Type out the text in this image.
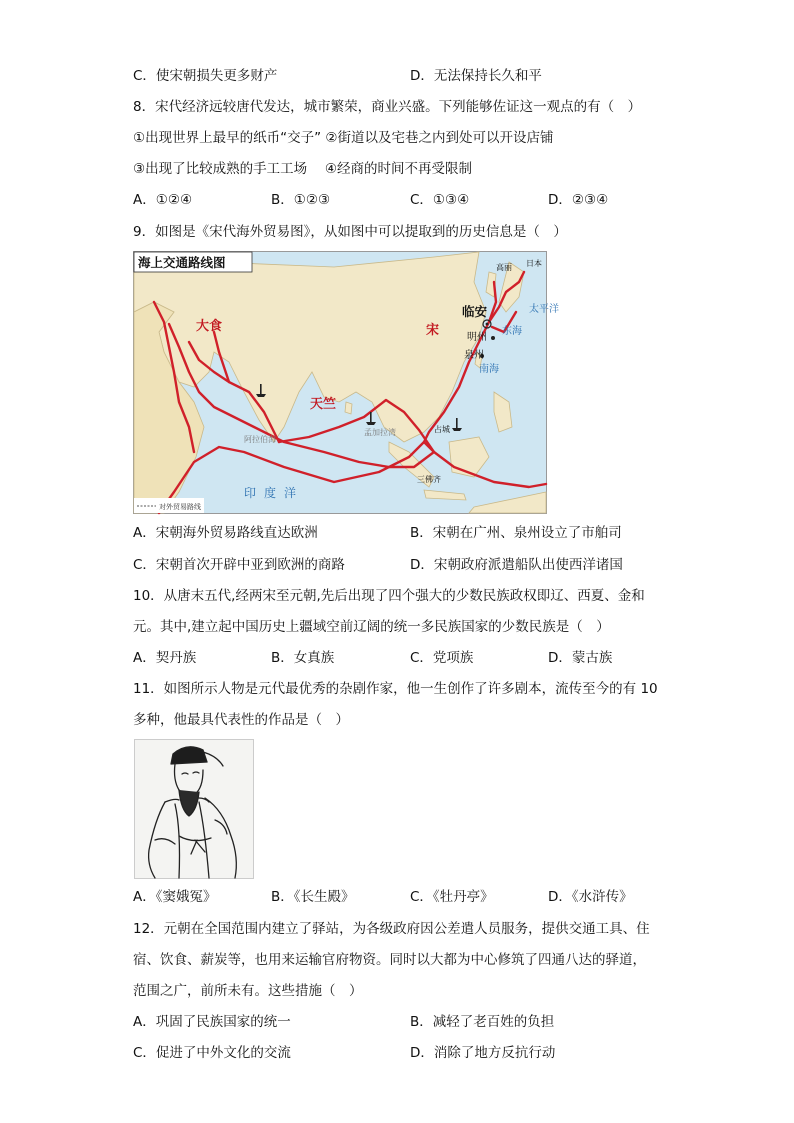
C．使宋朝损失更多财产	D．无法保持长久和平
8．宋代经济远较唐代发达，城市繁荣，商业兴盛。下列能够佐证这一观点的有（　）
①出现世界上最早的纸币“交子” ②街道以及宅巷之内到处可以开设店铺
③出现了比较成熟的手工工场　 ④经商的时间不再受限制
A．①②④	B．①②③	C．①③④	D．②③④
9．如图是《宋代海外贸易图》，从如图中可以提取到的历史信息是（　）
海上交通路线图
大食	宋
临安
明州
泉州
天竺
东海
南海
太平洋
印度洋
高丽 日本
占城
三佛齐
阿拉伯海
孟加拉湾
对外贸易路线
A．宋朝海外贸易路线直达欧洲	B．宋朝在广州、泉州设立了市舶司
C．宋朝首次开辟中亚到欧洲的商路	D．宋朝政府派遣船队出使西洋诸国
10．从唐末五代,经两宋至元朝,先后出现了四个强大的少数民族政权即辽、西夏、金和
元。其中,建立起中国历史上疆域空前辽阔的统一多民族国家的少数民族是（　）
A．契丹族	B．女真族	C．党项族	D．蒙古族
11．如图所示人物是元代最优秀的杂剧作家，他一生创作了许多剧本，流传至今的有 10
多种，他最具代表性的作品是（　）
A．《窦娥冤》	B．《长生殿》	C．《牡丹亭》	D．《水浒传》
12．元朝在全国范围内建立了驿站，为各级政府因公差遣人员服务，提供交通工具、住
宿、饮食、薪炭等，也用来运输官府物资。同时以大都为中心修筑了四通八达的驿道，
范围之广，前所未有。这些措施（　）
A．巩固了民族国家的统一	B．减轻了老百姓的负担
C．促进了中外文化的交流	D．消除了地方反抗行动
